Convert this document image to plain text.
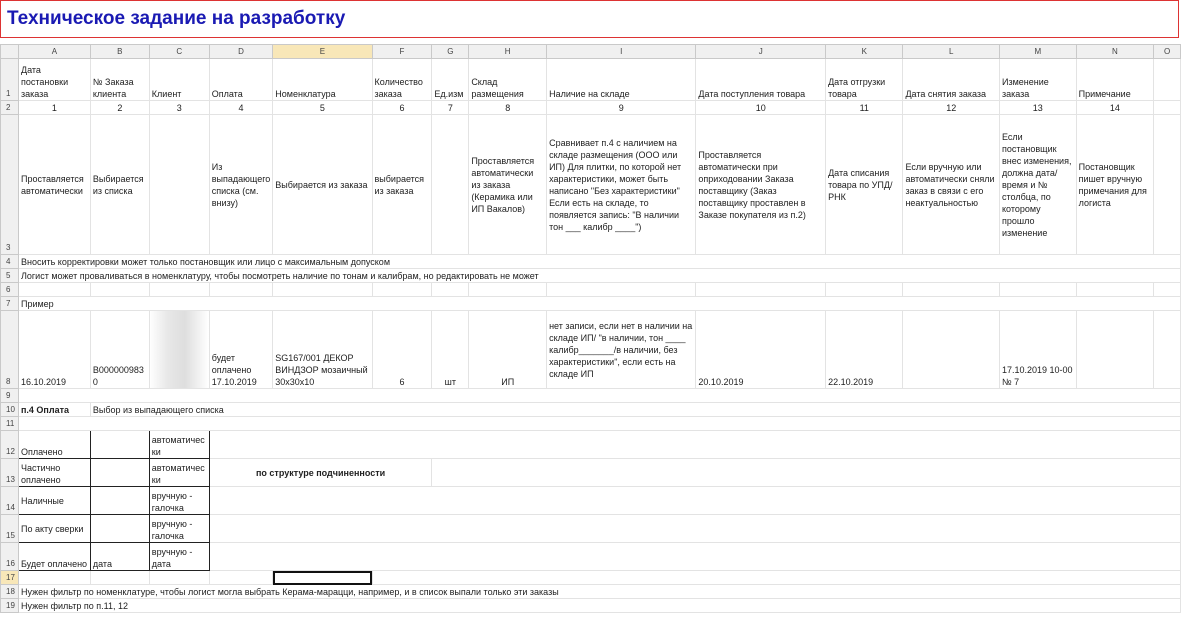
Техническое задание на разработку
	A	B	C	D	E	F	G	H	I	J	K	L	M	N	O
1	Дата постановки заказа	№ Заказа клиента	Клиент	Оплата	Номенклатура	Количество заказа	Ед.изм	Склад размещения	Наличие на складе	Дата поступления товара	Дата отгрузки товара	Дата снятия заказа	Изменение заказа	Примечание	
2	1	2	3	4	5	6	7	8	9	10	11	12	13	14	
3	Проставляется автоматически	Выбирается из списка		Из выпадающего списка (см. внизу)	Выбирается из заказа	выбирается из заказа		Проставляется автоматически из заказа (Керамика или ИП Вакалов)	Сравнивает п.4 с наличием на складе размещения (ООО или ИП) Для плитки, по которой нет характеристики, может быть написано "Без характеристики" Если есть на складе, то появляется запись: "В наличии тон ___ калибр ____")	Проставляется автоматически при оприходовании Заказа поставщику (Заказ поставщику проставлен в Заказе покупателя из п.2)	Дата списания товара по УПД/РНК	Если вручную или автоматически сняли заказ в связи с его неактуальностью	Если постановщик внес изменения, должна дата/время и № столбца, по которому прошло изменение	Постановщик пишет вручную примечания для логиста	
4	Вносить корректировки может только постановщик или лицо с максимальным допуском														
5	Логист может проваливаться в номенклатуру, чтобы посмотреть наличие по тонам и калибрам, но редактировать не может														
6															
7	Пример														
8	16.10.2019	В000000983 0		будет оплачено 17.10.2019	SG167/001 ДЕКОР ВИНДЗОР мозаичный 30х30х10	6	шт	ИП	нет записи, если нет в наличии на складе ИП/ "в наличии, тон ____ калибр_______/в наличии, без характеристики", если есть на складе ИП	20.10.2019	22.10.2019		17.10.2019 10-00 № 7		
9															
10	п.4 Оплата	Выбор из выпадающего списка													
11															
12	Оплачено		автоматичес ки												
13	Частично оплачено		автоматичес ки	по структуре подчиненности											
14	Наличные		вручную - галочка												
15	По акту сверки		вручную - галочка												
16	Будет оплачено	дата	вручную - дата												
17															
18	Нужен фильтр по номенклатуре, чтобы логист могла выбрать Керама-марацци, например, и в список выпали только эти заказы														
19	Нужен фильтр по п.11, 12														
